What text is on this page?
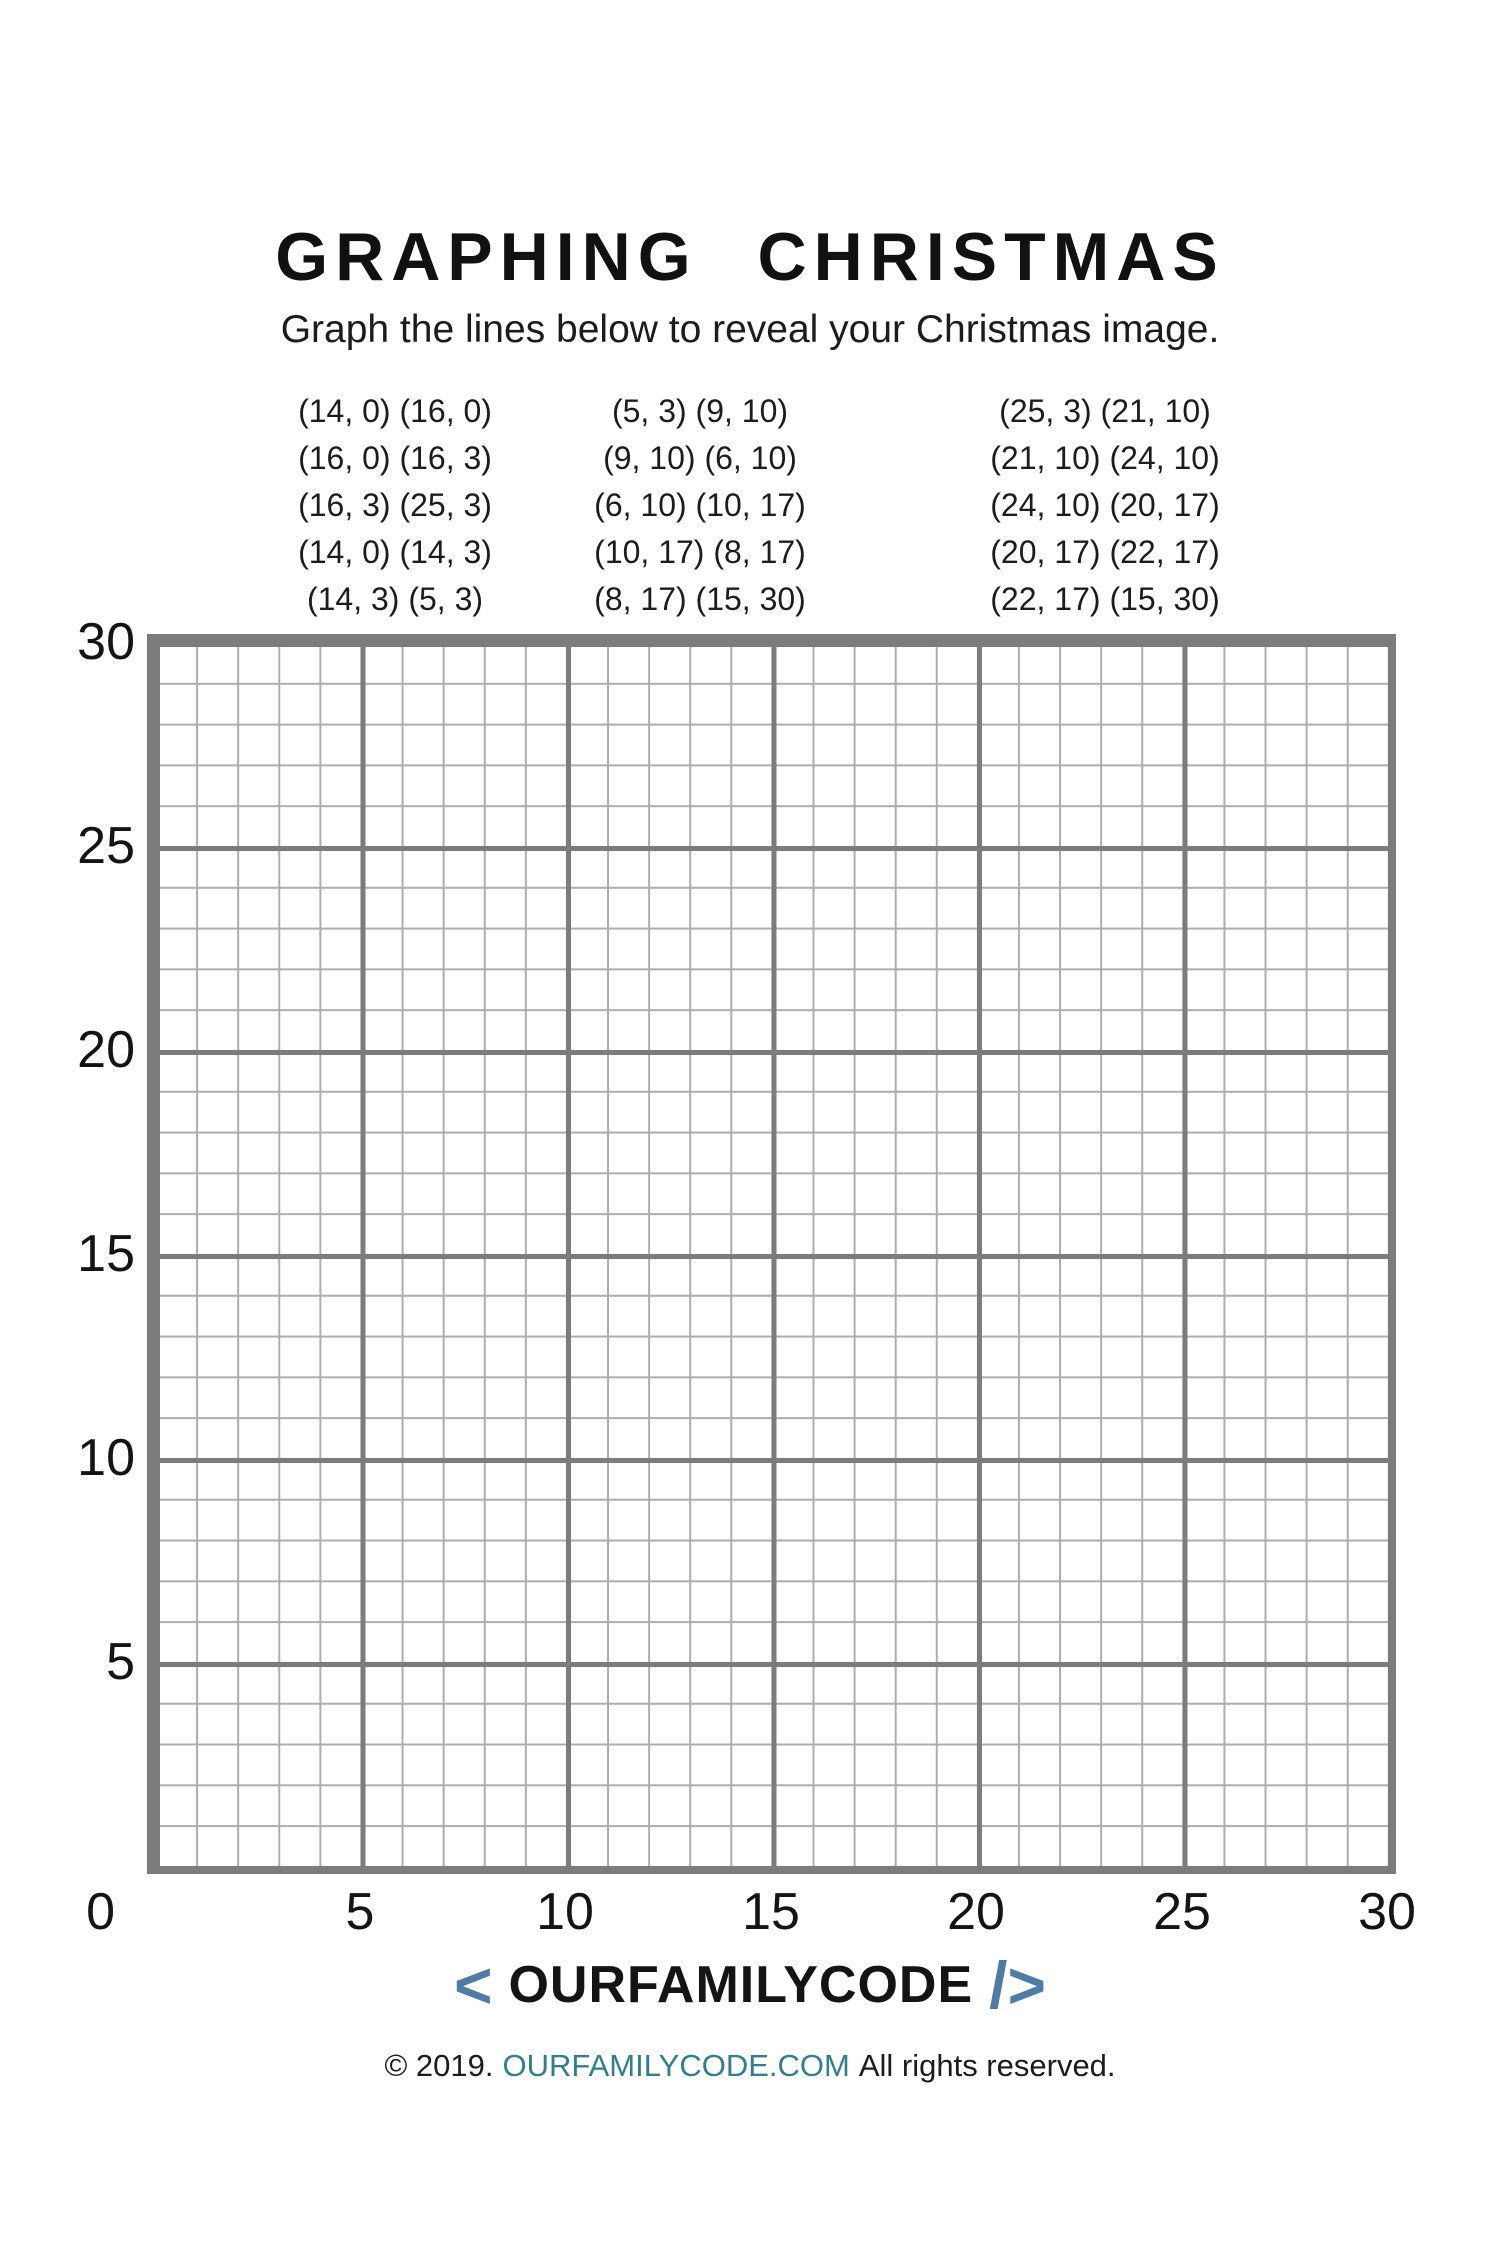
GRAPHING CHRISTMAS
Graph the lines below to reveal your Christmas image.
(14, 0) (16, 0)
(16, 0) (16, 3)
(16, 3) (25, 3)
(14, 0) (14, 3)
(14, 3) (5, 3)
(5, 3) (9, 10)
(9, 10) (6, 10)
(6, 10) (10, 17)
(10, 17) (8, 17)
(8, 17) (15, 30)
(25, 3) (21, 10)
(21, 10) (24, 10)
(24, 10) (20, 17)
(20, 17) (22, 17)
(22, 17) (15, 30)
30
25
20
15
10
5
0	5	10	15	20	25	30
< OURFAMILYCODE />
© 2019. OURFAMILYCODE.COM All rights reserved.
